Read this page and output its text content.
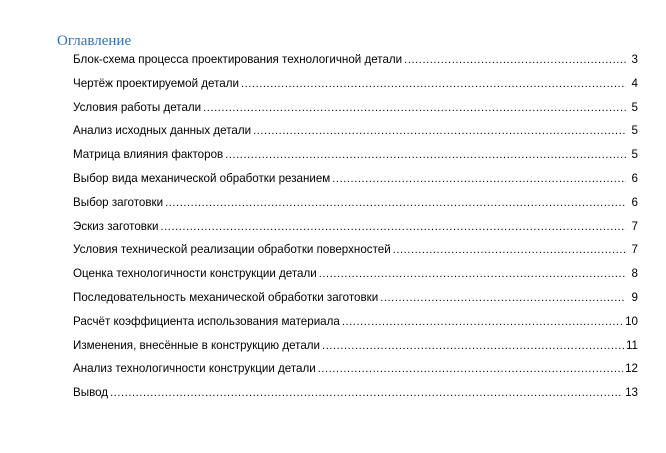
Оглавление
Блок-схема процесса проектирования технологичной детали .....	3
Чертёж проектируемой детали .....	4
Условия работы детали .....	5
Анализ исходных данных детали .....	5
Матрица влияния факторов .....	5
Выбор вида механической обработки резанием .....	6
Выбор заготовки .....	6
Эскиз заготовки .....	7
Условия технической реализации обработки поверхностей .....	7
Оценка технологичности конструкции детали .....	8
Последовательность механической обработки заготовки .....	9
Расчёт коэффициента использования материала .....	10
Изменения, внесённые в конструкцию детали .....	11
Анализ технологичности конструкции детали .....	12
Вывод .....	13
